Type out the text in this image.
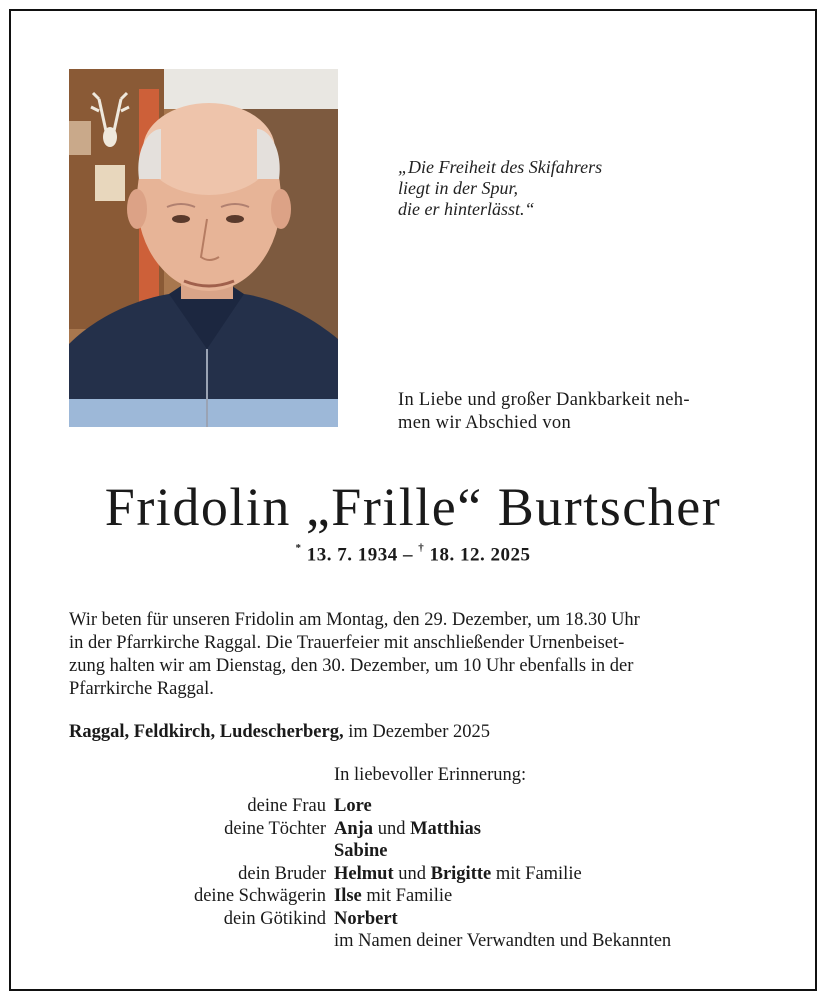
„Die Freiheit des Skifahrers
liegt in der Spur,
die er hinterlässt.“
In Liebe und großer Dankbarkeit neh-
men wir Abschied von
Fridolin „Frille“ Burtscher
* 13. 7. 1934 – † 18. 12. 2025
Wir beten für unseren Fridolin am Montag, den 29. Dezember, um 18.30 Uhr
in der Pfarrkirche Raggal. Die Trauerfeier mit anschließender Urnenbeiset-
zung halten wir am Dienstag, den 30. Dezember, um 10 Uhr ebenfalls in der
Pfarrkirche Raggal.
Raggal, Feldkirch, Ludescherberg, im Dezember 2025
In liebevoller Erinnerung:
deine Frau Lore
deine Töchter Anja und Matthias
Sabine
dein Bruder Helmut und Brigitte mit Familie
deine Schwägerin Ilse mit Familie
dein Götikind Norbert
im Namen deiner Verwandten und Bekannten
